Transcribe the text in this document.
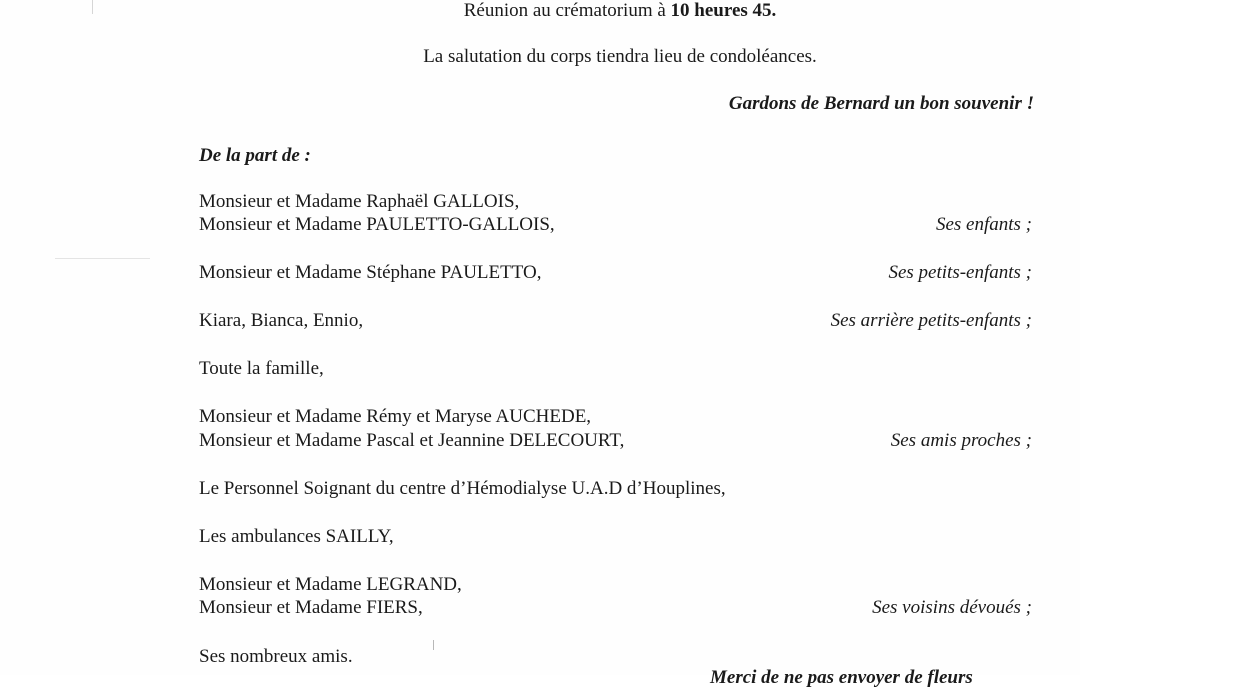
Réunion au crématorium à 10 heures 45.
La salutation du corps tiendra lieu de condoléances.
Gardons de Bernard un bon souvenir !
De la part de :
Monsieur et Madame Raphaël GALLOIS,
Monsieur et Madame PAULETTO-GALLOIS,	Ses enfants ;
Monsieur et Madame Stéphane PAULETTO,	Ses petits-enfants ;
Kiara, Bianca, Ennio,	Ses arrière petits-enfants ;
Toute la famille,
Monsieur et Madame Rémy et Maryse AUCHEDE,
Monsieur et Madame Pascal et Jeannine DELECOURT,	Ses amis proches ;
Le Personnel Soignant du centre d’Hémodialyse U.A.D d’Houplines,
Les ambulances SAILLY,
Monsieur et Madame LEGRAND,
Monsieur et Madame FIERS,	Ses voisins dévoués ;
Ses nombreux amis.
Merci de ne pas envoyer de fleurs
